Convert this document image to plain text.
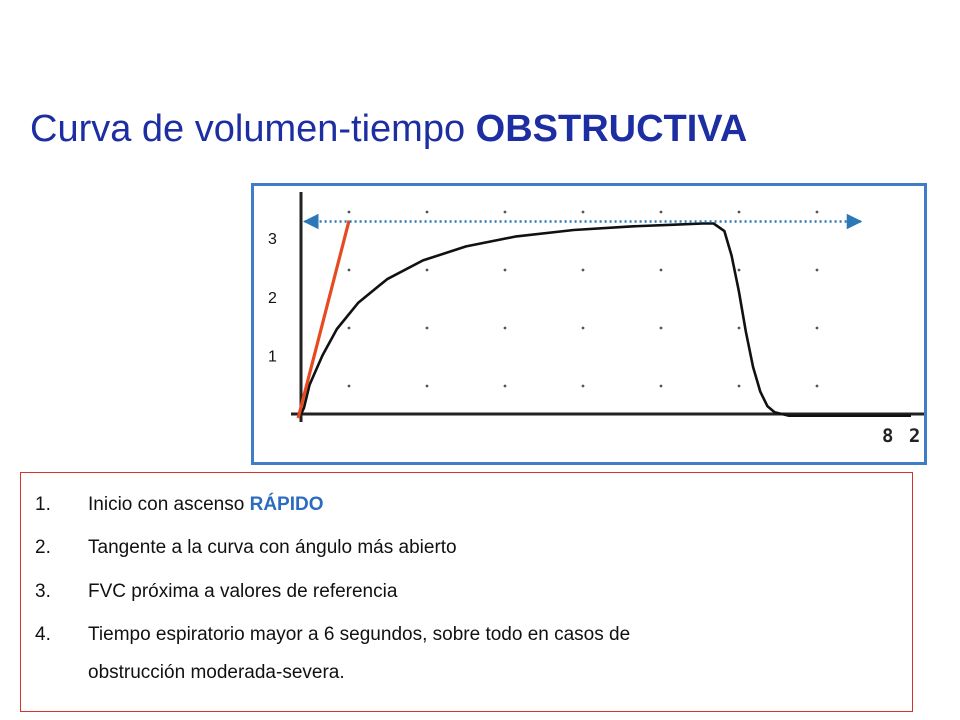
Curva de volumen-tiempo OBSTRUCTIVA
1
2
3
8 2
1. Inicio con ascenso RÁPIDO
2. Tangente a la curva con ángulo más abierto
3. FVC próxima a valores de referencia
4. Tiempo espiratorio mayor a 6 segundos, sobre todo en casos de
obstrucción moderada-severa.
